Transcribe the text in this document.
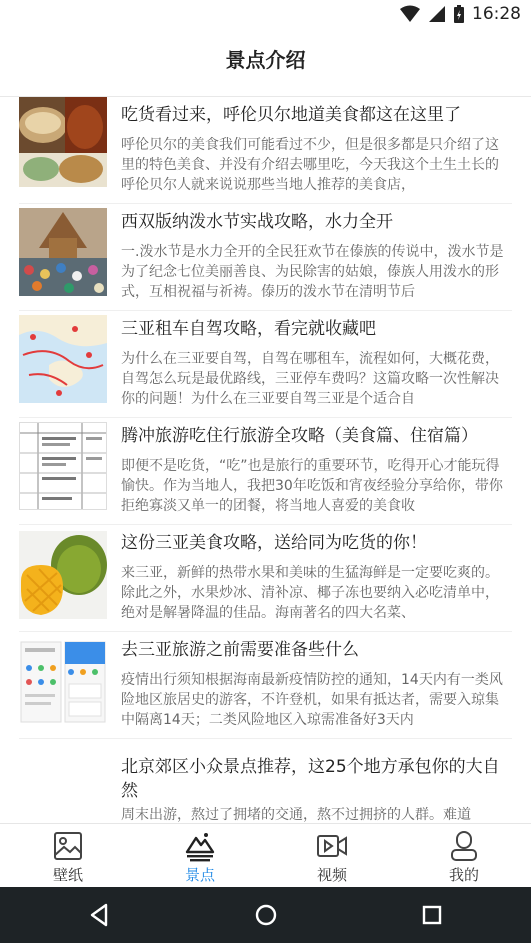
16:28
景点介绍
吃货看过来，呼伦贝尔地道美食都这在这里了
呼伦贝尔的美食我们可能看过不少，但是很多都是只介绍了这里的特色美食、并没有介绍去哪里吃，今天我这个土生土长的呼伦贝尔人就来说说那些当地人推荐的美食店，
西双版纳泼水节实战攻略，水力全开
一.泼水节是水力全开的全民狂欢节在傣族的传说中，泼水节是为了纪念七位美丽善良、为民除害的姑娘，傣族人用泼水的形式，互相祝福与祈祷。傣历的泼水节在清明节后
三亚租车自驾攻略，看完就收藏吧
为什么在三亚要自驾，自驾在哪租车，流程如何，大概花费，自驾怎么玩是最优路线，三亚停车费吗？这篇攻略一次性解决你的问题！为什么在三亚要自驾三亚是个适合自
腾冲旅游吃住行旅游全攻略（美食篇、住宿篇）
即便不是吃货，“吃”也是旅行的重要环节，吃得开心才能玩得愉快。作为当地人，我把30年吃饭和宵夜经验分享给你，带你拒绝寡淡又单一的团餐，将当地人喜爱的美食收
这份三亚美食攻略，送给同为吃货的你！
来三亚，新鲜的热带水果和美味的生猛海鲜是一定要吃爽的。除此之外，水果炒冰、清补凉、椰子冻也要纳入必吃清单中，绝对是解暑降温的佳品。海南著名的四大名菜、
去三亚旅游之前需要准备些什么
疫情出行须知根据海南最新疫情防控的通知，14天内有一类风险地区旅居史的游客，不许登机，如果有抵达者，需要入琼集中隔离14天；二类风险地区入琼需准备好3天内
北京郊区小众景点推荐，这25个地方承包你的大自然
周末出游，熬过了拥堵的交通，熬不过拥挤的人群。难道
壁纸	景点	视频	我的
